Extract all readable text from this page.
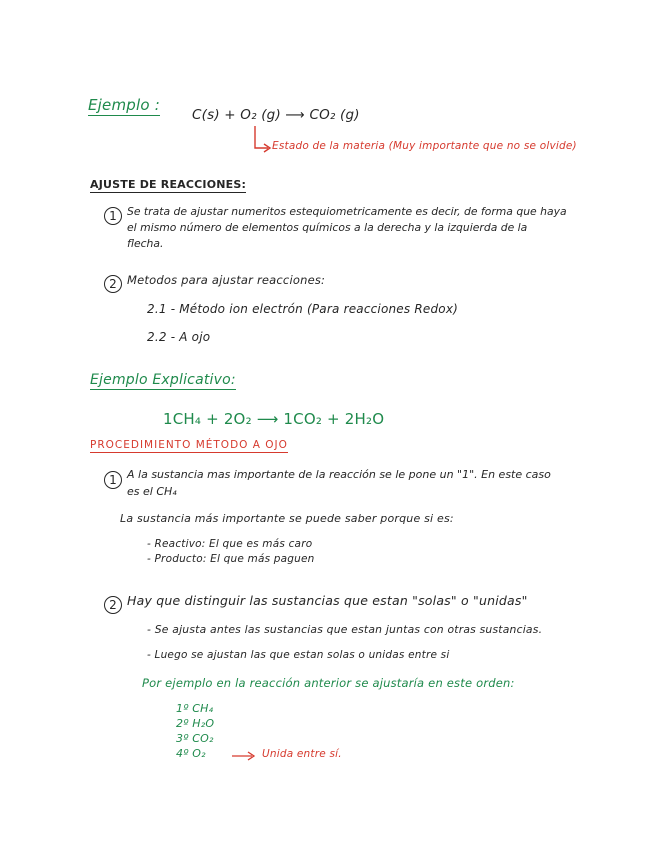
Ejemplo :
C(s) + O₂ (g) ⟶ CO₂ (g)
Estado de la materia (Muy importante que no se olvide)
AJUSTE DE REACCIONES:
1 Se trata de ajustar numeritos estequiometricamente es decir, de forma que haya el mismo número de elementos químicos a la derecha y la izquierda de la flecha.
2 Metodos para ajustar reacciones:
2.1 - Método ion electrón (Para reacciones Redox)
2.2 - A ojo
Ejemplo Explicativo:
1CH₄ + 2O₂ ⟶ 1CO₂ + 2H₂O
PROCEDIMIENTO MÉTODO A OJO
1 A la sustancia mas importante de la reacción se le pone un "1". En este caso es el CH₄
La sustancia más importante se puede saber porque si es:
- Reactivo: El que es más caro
- Producto: El que más paguen
2 Hay que distinguir las sustancias que estan "solas" o "unidas"
- Se ajusta antes las sustancias que estan juntas con otras sustancias.
- Luego se ajustan las que estan solas o unidas entre si
Por ejemplo en la reacción anterior se ajustaría en este orden:
1º CH₄
2º H₂O
3º CO₂
4º O₂	Unida entre sí.
